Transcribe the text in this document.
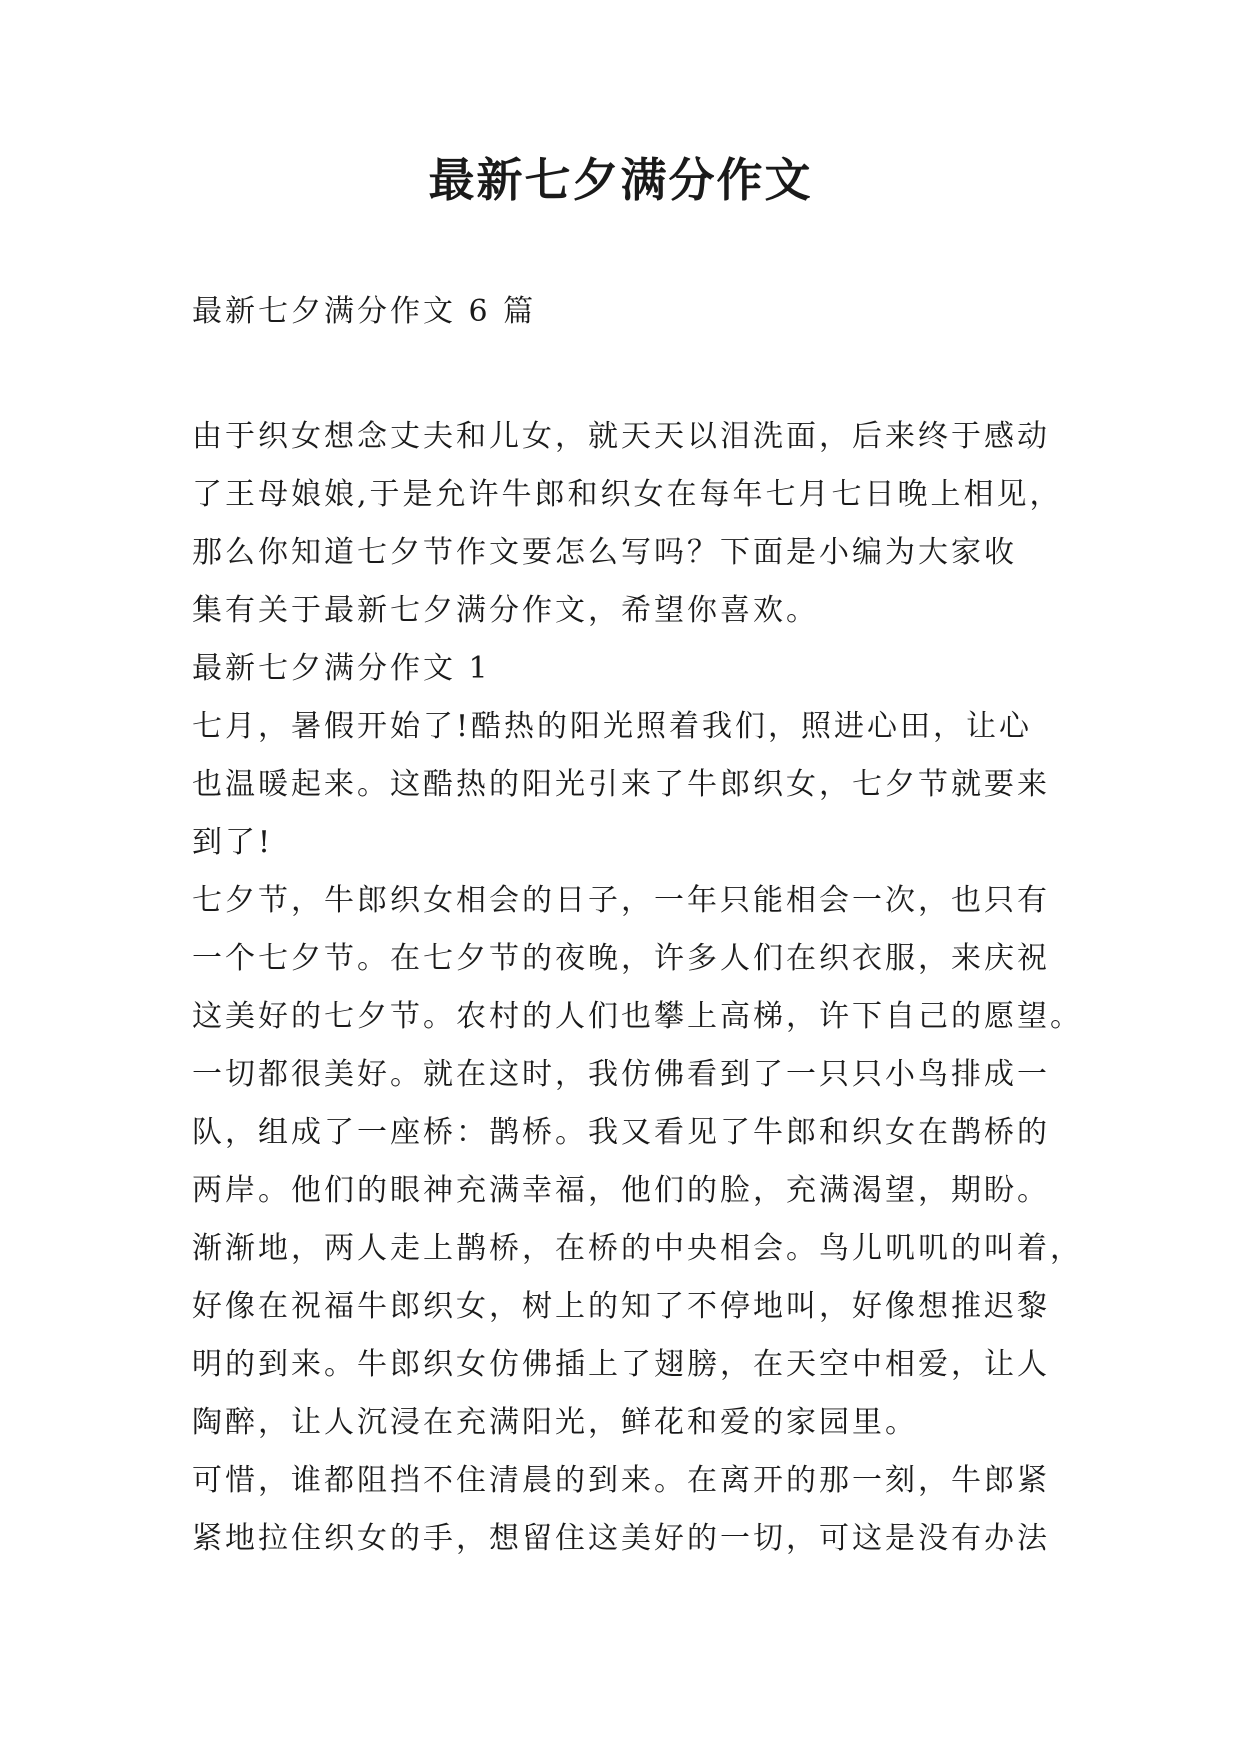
最新七夕满分作文
最新七夕满分作文 6 篇
由于织女想念丈夫和儿女，就天天以泪洗面，后来终于感动
了王母娘娘,于是允许牛郎和织女在每年七月七日晚上相见，
那么你知道七夕节作文要怎么写吗？下面是小编为大家收
集有关于最新七夕满分作文，希望你喜欢。
最新七夕满分作文 1
七月，暑假开始了!酷热的阳光照着我们，照进心田，让心
也温暖起来。这酷热的阳光引来了牛郎织女，七夕节就要来
到了!
七夕节，牛郎织女相会的日子，一年只能相会一次，也只有
一个七夕节。在七夕节的夜晚，许多人们在织衣服，来庆祝
这美好的七夕节。农村的人们也攀上高梯，许下自己的愿望。
一切都很美好。就在这时，我仿佛看到了一只只小鸟排成一
队，组成了一座桥：鹊桥。我又看见了牛郎和织女在鹊桥的
两岸。他们的眼神充满幸福，他们的脸，充满渴望，期盼。
渐渐地，两人走上鹊桥，在桥的中央相会。鸟儿叽叽的叫着，
好像在祝福牛郎织女，树上的知了不停地叫，好像想推迟黎
明的到来。牛郎织女仿佛插上了翅膀，在天空中相爱，让人
陶醉，让人沉浸在充满阳光，鲜花和爱的家园里。
可惜，谁都阻挡不住清晨的到来。在离开的那一刻，牛郎紧
紧地拉住织女的手，想留住这美好的一切，可这是没有办法
